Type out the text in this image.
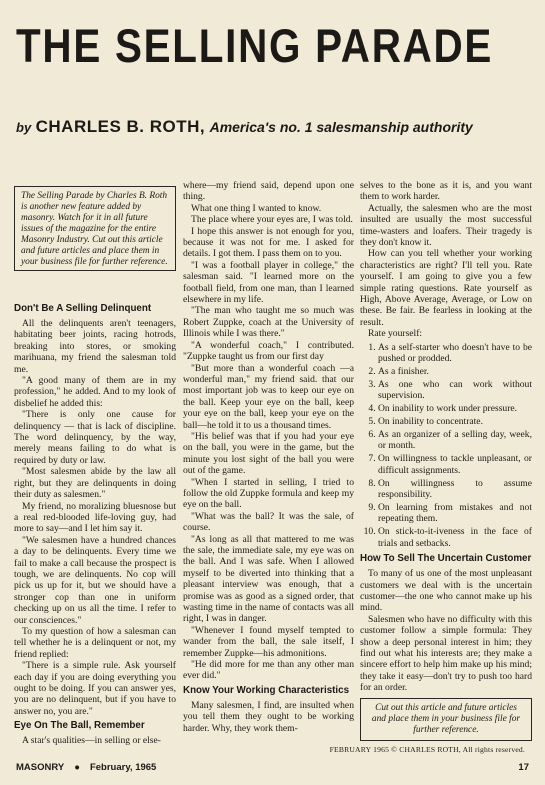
THE SELLING PARADE
by CHARLES B. ROTH, America's no. 1 salesmanship authority
The Selling Parade by Charles B. Roth is another new feature added by masonry. Watch for it in all future issues of the magazine for the entire Masonry Industry. Cut out this article and future articles and place them in your business file for further reference.
Don't Be A Selling Delinquent

All the delinquents aren't teenagers, habitating beer joints, racing hotrods, breaking into stores, or smoking marihuana, my friend the salesman told me.

"A good many of them are in my profession," he added. And to my look of disbelief he added this:

"There is only one cause for delinquency — that is lack of discipline. The word delinquency, by the way, merely means failing to do what is required by duty or law.

"Most salesmen abide by the law all right, but they are delinquents in doing their duty as salesmen."

My friend, no moralizing bluesnose but a real red-blooded life-loving guy, had more to say—and I let him say it.

"We salesmen have a hundred chances a day to be delinquents. Every time we fail to make a call because the prospect is tough, we are delinquents. No cop will pick us up for it, but we should have a stronger cop than one in uniform checking up on us all the time. I refer to our consciences."

To my question of how a salesman can tell whether he is a delinquent or not, my friend replied:

"There is a simple rule. Ask yourself each day if you are doing everything you ought to be doing. If you can answer yes, you are no delinquent, but if you have to answer no, you are."

Eye On The Ball, Remember

A star's qualities—in selling or else-

where—my friend said, depend upon one thing.

What one thing I wanted to know.

The place where your eyes are, I was told.

I hope this answer is not enough for you, because it was not for me. I asked for details. I got them. I pass them on to you.

"I was a football player in college," the salesman said. "I learned more on the football field, from one man, than I learned elsewhere in my life.

"The man who taught me so much was Robert Zuppke, coach at the University of Illinois while I was there."

"A wonderful coach," I contributed. "Zuppke taught us from our first day

"But more than a wonderful coach —a wonderful man," my friend said. that our most important job was to keep our eye on the ball. Keep your eye on the ball, keep your eye on the ball, keep your eye on the ball—he told it to us a thousand times.

"His belief was that if you had your eye on the ball, you were in the game, but the minute you lost sight of the ball you were out of the game.

"When I started in selling, I tried to follow the old Zuppke formula and keep my eye on the ball.

"What was the ball? It was the sale, of course.

"As long as all that mattered to me was the sale, the immediate sale, my eye was on the ball. And I was safe. When I allowed myself to be diverted into thinking that a pleasant interview was enough, that a promise was as good as a signed order, that wasting time in the name of contacts was all right, I was in danger.

"Whenever I found myself tempted to wander from the ball, the sale itself, I remember Zuppke—his admonitions.

"He did more for me than any other man ever did."

Know Your Working Characteristics

Many salesmen, I find, are insulted when you tell them they ought to be working harder. Why, they work them-

selves to the bone as it is, and you want them to work harder.

Actually, the salesmen who are the most insulted are usually the most successful time-wasters and loafers. Their tragedy is they don't know it.

How can you tell whether your working characteristics are right? I'll tell you. Rate yourself. I am going to give you a few simple rating questions. Rate yourself as High, Above Average, Average, or Low on these. Be fair. Be fearless in looking at the result.

Rate yourself:

1. As a self-starter who doesn't have to be pushed or prodded.
2. As a finisher.
3. As one who can work without supervision.
4. On inability to work under pressure.
5. On inability to concentrate.
6. As an organizer of a selling day, week, or month.
7. On willingness to tackle unpleasant, or difficult assignments.
8. On willingness to assume responsibility.
9. On learning from mistakes and not repeating them.
10. On stick-to-it-iveness in the face of trials and setbacks.
How To Sell The Uncertain Customer

To many of us one of the most unpleasant customers we deal with is the uncertain customer—the one who cannot make up his mind.

Salesmen who have no difficulty with this customer follow a simple formula: They show a deep personal interest in him; they find out what his interests are; they make a sincere effort to help him make up his mind; they take it easy—don't try to push too hard for an order.

Cut out this article and future articles and place them in your business file for further reference.
FEBRUARY 1965 © CHARLES ROTH, All rights reserved.
MASONRY ● February, 1965	17
